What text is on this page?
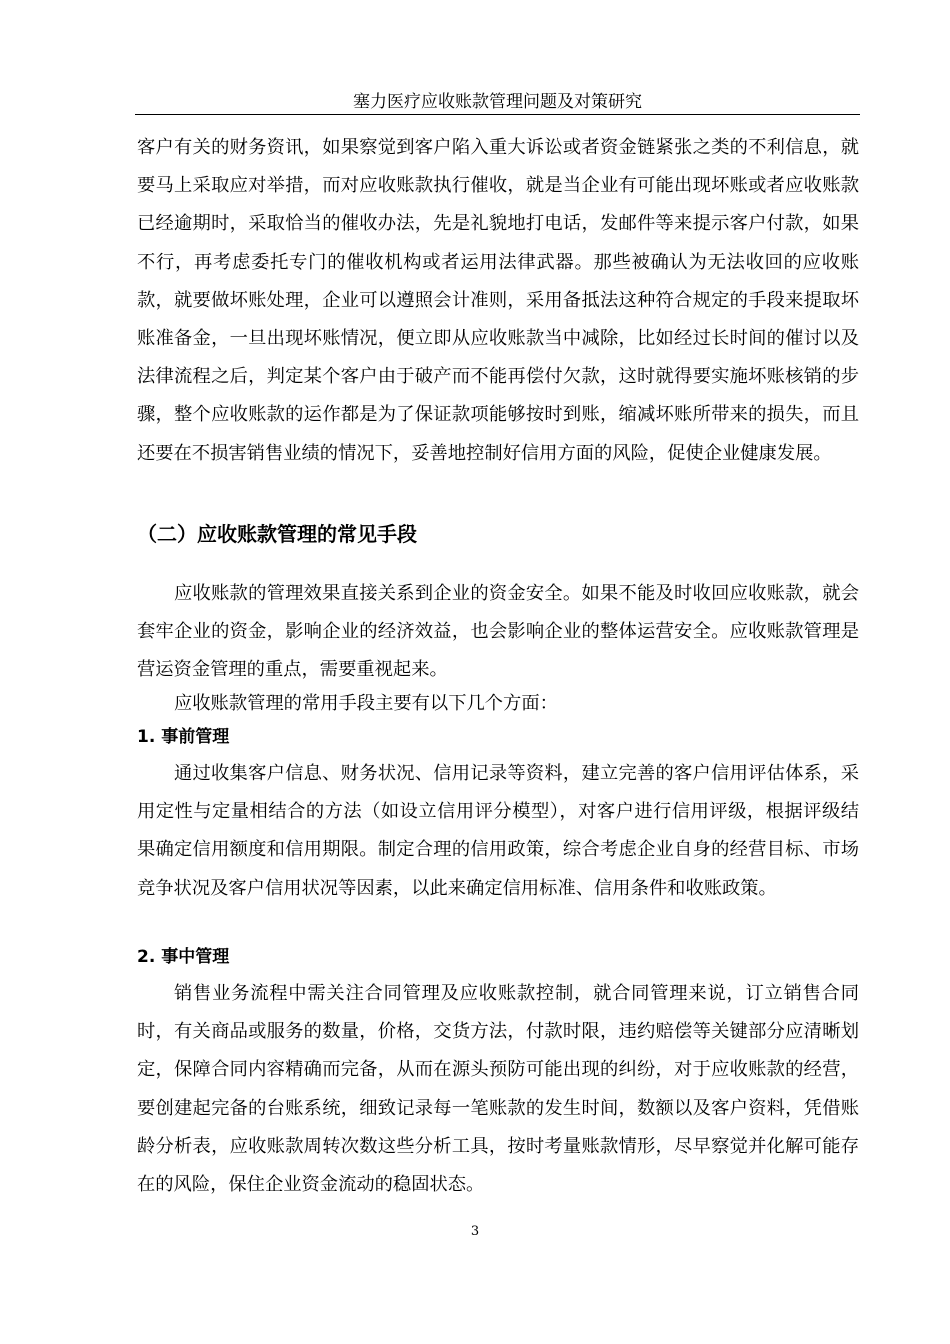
塞力医疗应收账款管理问题及对策研究

客户有关的财务资讯，如果察觉到客户陷入重大诉讼或者资金链紧张之类的不利信息，就要马上采取应对举措，而对应收账款执行催收，就是当企业有可能出现坏账或者应收账款已经逾期时，采取恰当的催收办法，先是礼貌地打电话，发邮件等来提示客户付款，如果不行，再考虑委托专门的催收机构或者运用法律武器。那些被确认为无法收回的应收账款，就要做坏账处理，企业可以遵照会计准则，采用备抵法这种符合规定的手段来提取坏账准备金，一旦出现坏账情况，便立即从应收账款当中减除，比如经过长时间的催讨以及法律流程之后，判定某个客户由于破产而不能再偿付欠款，这时就得要实施坏账核销的步骤，整个应收账款的运作都是为了保证款项能够按时到账，缩减坏账所带来的损失，而且还要在不损害销售业绩的情况下，妥善地控制好信用方面的风险，促使企业健康发展。

（二）应收账款管理的常见手段

应收账款的管理效果直接关系到企业的资金安全。如果不能及时收回应收账款，就会套牢企业的资金，影响企业的经济效益，也会影响企业的整体运营安全。应收账款管理是营运资金管理的重点，需要重视起来。

应收账款管理的常用手段主要有以下几个方面：

1. 事前管理

通过收集客户信息、财务状况、信用记录等资料，建立完善的客户信用评估体系，采用定性与定量相结合的方法（如设立信用评分模型），对客户进行信用评级，根据评级结果确定信用额度和信用期限。制定合理的信用政策，综合考虑企业自身的经营目标、市场竞争状况及客户信用状况等因素，以此来确定信用标准、信用条件和收账政策。

2. 事中管理

销售业务流程中需关注合同管理及应收账款控制，就合同管理来说，订立销售合同时，有关商品或服务的数量，价格，交货方法，付款时限，违约赔偿等关键部分应清晰划定，保障合同内容精确而完备，从而在源头预防可能出现的纠纷，对于应收账款的经营，要创建起完备的台账系统，细致记录每一笔账款的发生时间，数额以及客户资料，凭借账龄分析表，应收账款周转次数这些分析工具，按时考量账款情形，尽早察觉并化解可能存在的风险，保住企业资金流动的稳固状态。

3
